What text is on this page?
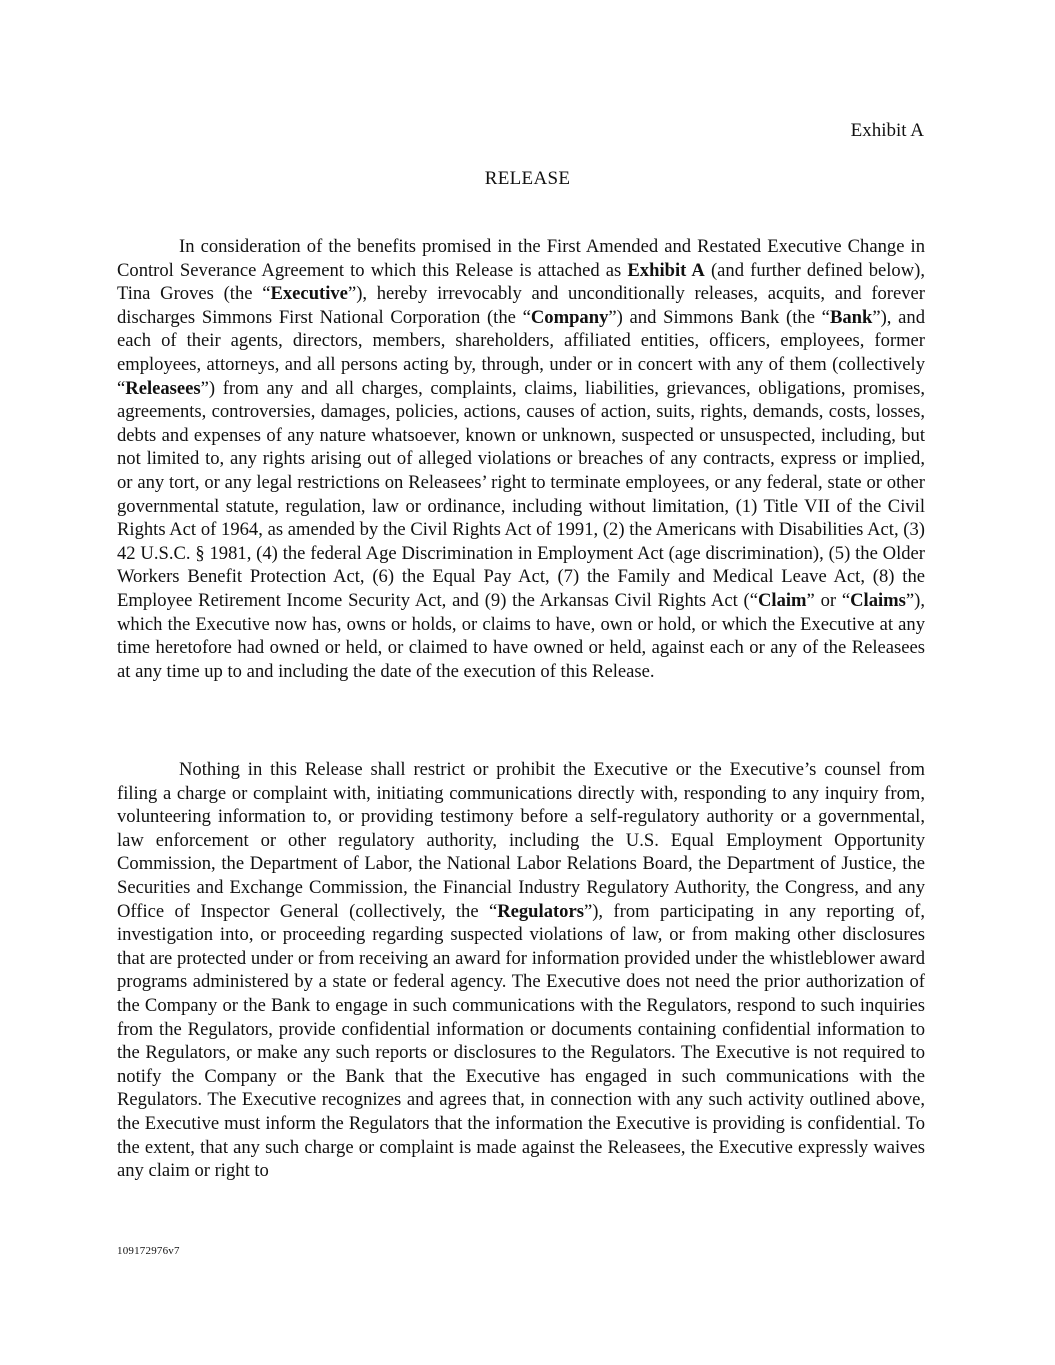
Exhibit A
RELEASE

In consideration of the benefits promised in the First Amended and Restated Executive Change in Control Severance Agreement to which this Release is attached as Exhibit A (and further defined below), Tina Groves (the “Executive”), hereby irrevocably and unconditionally releases, acquits, and forever discharges Simmons First National Corporation (the “Company”) and Simmons Bank (the “Bank”), and each of their agents, directors, members, shareholders, affiliated entities, officers, employees, former employees, attorneys, and all persons acting by, through, under or in concert with any of them (collectively “Releasees”) from any and all charges, complaints, claims, liabilities, grievances, obligations, promises, agreements, controversies, damages, policies, actions, causes of action, suits, rights, demands, costs, losses, debts and expenses of any nature whatsoever, known or unknown, suspected or unsuspected, including, but not limited to, any rights arising out of alleged violations or breaches of any contracts, express or implied, or any tort, or any legal restrictions on Releasees’ right to terminate employees, or any federal, state or other governmental statute, regulation, law or ordinance, including without limitation, (1) Title VII of the Civil Rights Act of 1964, as amended by the Civil Rights Act of 1991, (2) the Americans with Disabilities Act, (3) 42 U.S.C. § 1981, (4) the federal Age Discrimination in Employment Act (age discrimination), (5) the Older Workers Benefit Protection Act, (6) the Equal Pay Act, (7) the Family and Medical Leave Act, (8) the Employee Retirement Income Security Act, and (9) the Arkansas Civil Rights Act (“Claim” or “Claims”), which the Executive now has, owns or holds, or claims to have, own or hold, or which the Executive at any time heretofore had owned or held, or claimed to have owned or held, against each or any of the Releasees at any time up to and including the date of the execution of this Release.

Nothing in this Release shall restrict or prohibit the Executive or the Executive’s counsel from filing a charge or complaint with, initiating communications directly with, responding to any inquiry from, volunteering information to, or providing testimony before a self-regulatory authority or a governmental, law enforcement or other regulatory authority, including the U.S. Equal Employment Opportunity Commission, the Department of Labor, the National Labor Relations Board, the Department of Justice, the Securities and Exchange Commission, the Financial Industry Regulatory Authority, the Congress, and any Office of Inspector General (collectively, the “Regulators”), from participating in any reporting of, investigation into, or proceeding regarding suspected violations of law, or from making other disclosures that are protected under or from receiving an award for information provided under the whistleblower award programs administered by a state or federal agency. The Executive does not need the prior authorization of the Company or the Bank to engage in such communications with the Regulators, respond to such inquiries from the Regulators, provide confidential information or documents containing confidential information to the Regulators, or make any such reports or disclosures to the Regulators. The Executive is not required to notify the Company or the Bank that the Executive has engaged in such communications with the Regulators. The Executive recognizes and agrees that, in connection with any such activity outlined above, the Executive must inform the Regulators that the information the Executive is providing is confidential. To the extent, that any such charge or complaint is made against the Releasees, the Executive expressly waives any claim or right to

109172976v7
